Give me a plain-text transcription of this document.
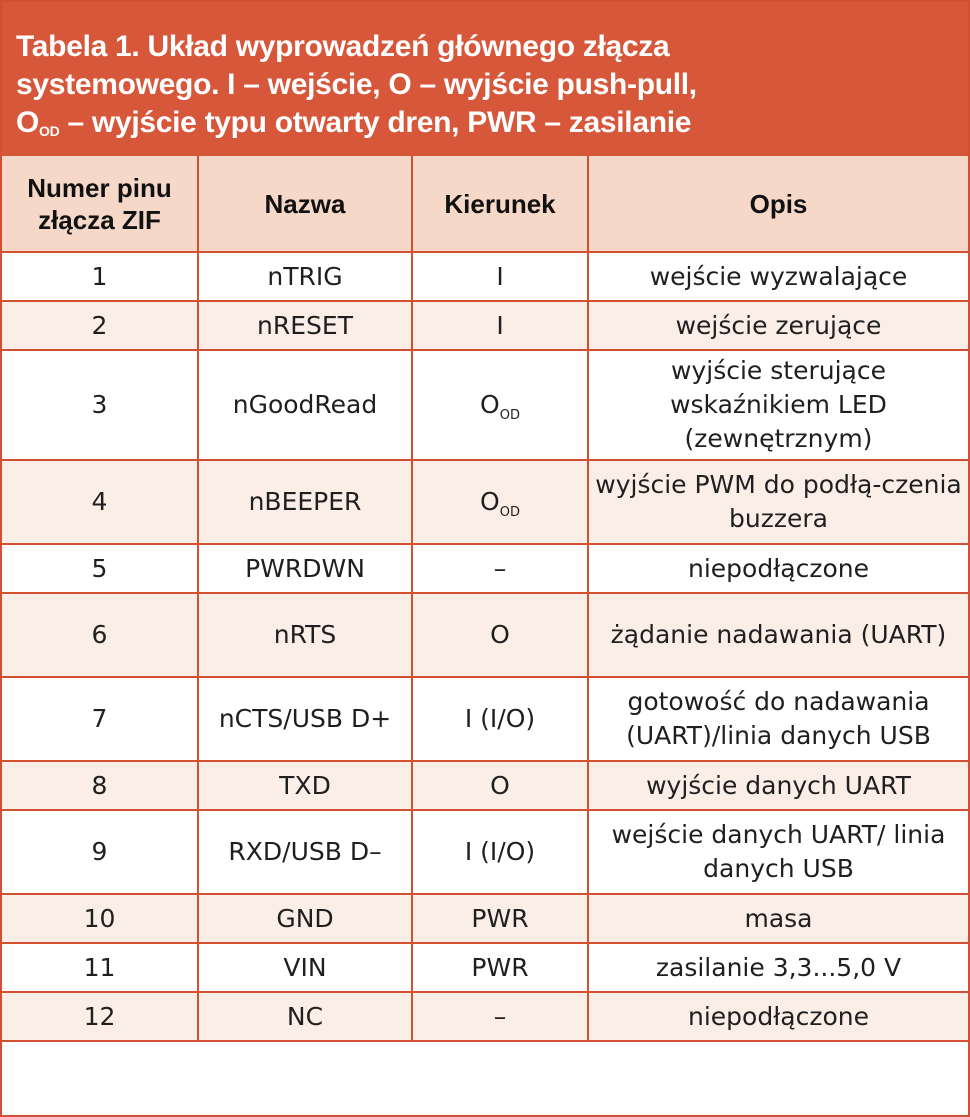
Tabela 1. Układ wyprowadzeń głównego złącza
systemowego. I – wejście, O – wyjście push-pull,
$O_{OD}$ – wyjście typu otwarty dren, PWR – zasilanie
Numer pinu złącza ZIF	Nazwa	Kierunek	Opis
1	nTRIG	I	wejście wyzwalające
2	nRESET	I	wejście zerujące
3	nGoodRead	$O_{OD}$	wyjście sterujące wskaźnikiem LED (zewnętrznym)
4	nBEEPER	$O_{OD}$	wyjście PWM do podłą-czenia buzzera
5	PWRDWN	–	niepodłączone
6	nRTS	O	żądanie nadawania (UART)
7	nCTS/USB D+	I (I/O)	gotowość do nadawania (UART)/linia danych USB
8	TXD	O	wyjście danych UART
9	RXD/USB D–	I (I/O)	wejście danych UART/ linia danych USB
10	GND	PWR	masa
11	VIN	PWR	zasilanie 3,3...5,0 V
12	NC	–	niepodłączone
